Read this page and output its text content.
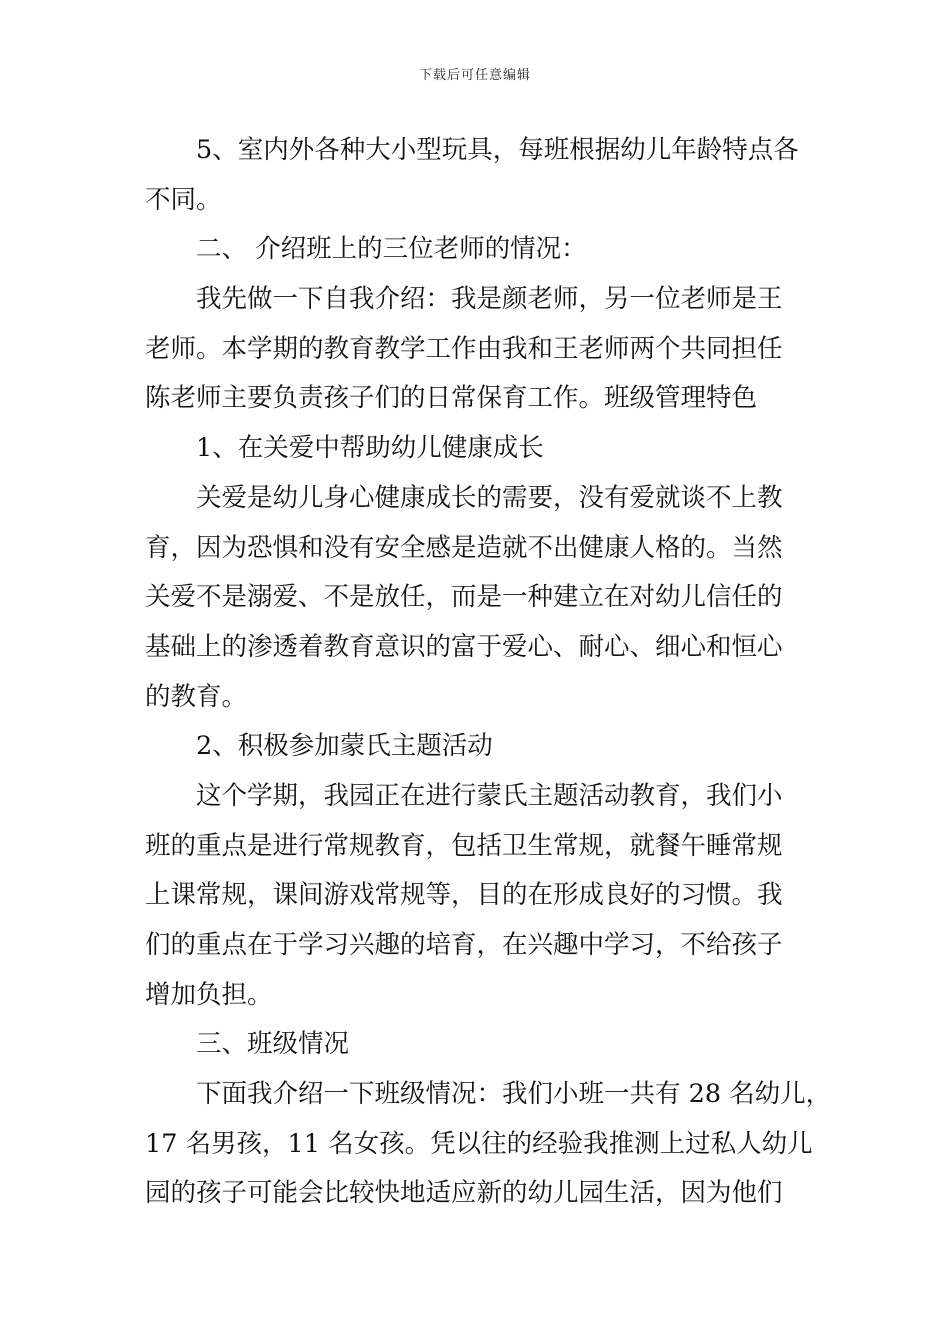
下载后可任意编辑
5、室内外各种大小型玩具，每班根据幼儿年龄特点各
不同。
二、 介绍班上的三位老师的情况：
我先做一下自我介绍：我是颜老师，另一位老师是王
老师。本学期的教育教学工作由我和王老师两个共同担任
陈老师主要负责孩子们的日常保育工作。班级管理特色
1、在关爱中帮助幼儿健康成长
关爱是幼儿身心健康成长的需要，没有爱就谈不上教
育，因为恐惧和没有安全感是造就不出健康人格的。当然
关爱不是溺爱、不是放任，而是一种建立在对幼儿信任的
基础上的渗透着教育意识的富于爱心、耐心、细心和恒心
的教育。
2、积极参加蒙氏主题活动
这个学期，我园正在进行蒙氏主题活动教育，我们小
班的重点是进行常规教育，包括卫生常规，就餐午睡常规
上课常规，课间游戏常规等，目的在形成良好的习惯。我
们的重点在于学习兴趣的培育，在兴趣中学习，不给孩子
增加负担。
三、班级情况
下面我介绍一下班级情况：我们小班一共有 28 名幼儿，
17 名男孩，11 名女孩。凭以往的经验我推测上过私人幼儿
园的孩子可能会比较快地适应新的幼儿园生活，因为他们
